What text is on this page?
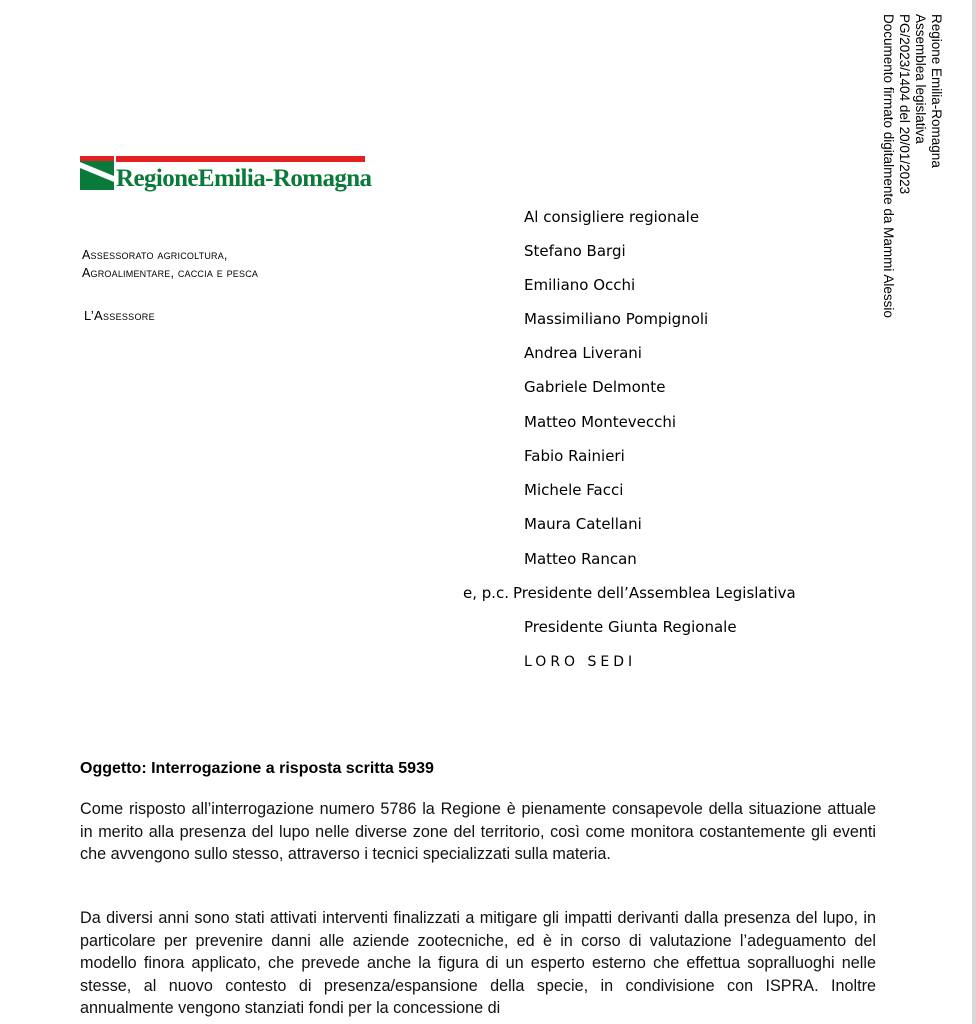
Regione Emilia-Romagna
Assemblea legislativa
PG/2023/1404 del 20/01/2023
Documento firmato digitalmente da Mammi Alessio
RegioneEmilia-Romagna
Assessorato agricoltura,
Agroalimentare, caccia e pesca
L’Assessore
Al consigliere regionale
Stefano Bargi
Emiliano Occhi
Massimiliano Pompignoli
Andrea Liverani
Gabriele Delmonte
Matteo Montevecchi
Fabio Rainieri
Michele Facci
Maura Catellani
Matteo Rancan
e, p.c. Presidente dell’Assemblea Legislativa
Presidente Giunta Regionale
LORO SEDI
Oggetto: Interrogazione a risposta scritta 5939
Come risposto all’interrogazione numero 5786 la Regione è pienamente consapevole della situazione attuale in merito alla presenza del lupo nelle diverse zone del territorio, così come monitora costantemente gli eventi che avvengono sullo stesso, attraverso i tecnici specializzati sulla materia.
Da diversi anni sono stati attivati interventi finalizzati a mitigare gli impatti derivanti dalla presenza del lupo, in particolare per prevenire danni alle aziende zootecniche, ed è in corso di valutazione l’adeguamento del modello finora applicato, che prevede anche la figura di un esperto esterno che effettua sopralluoghi nelle stesse, al nuovo contesto di presenza/espansione della specie, in condivisione con ISPRA. Inoltre annualmente vengono stanziati fondi per la concessione di
